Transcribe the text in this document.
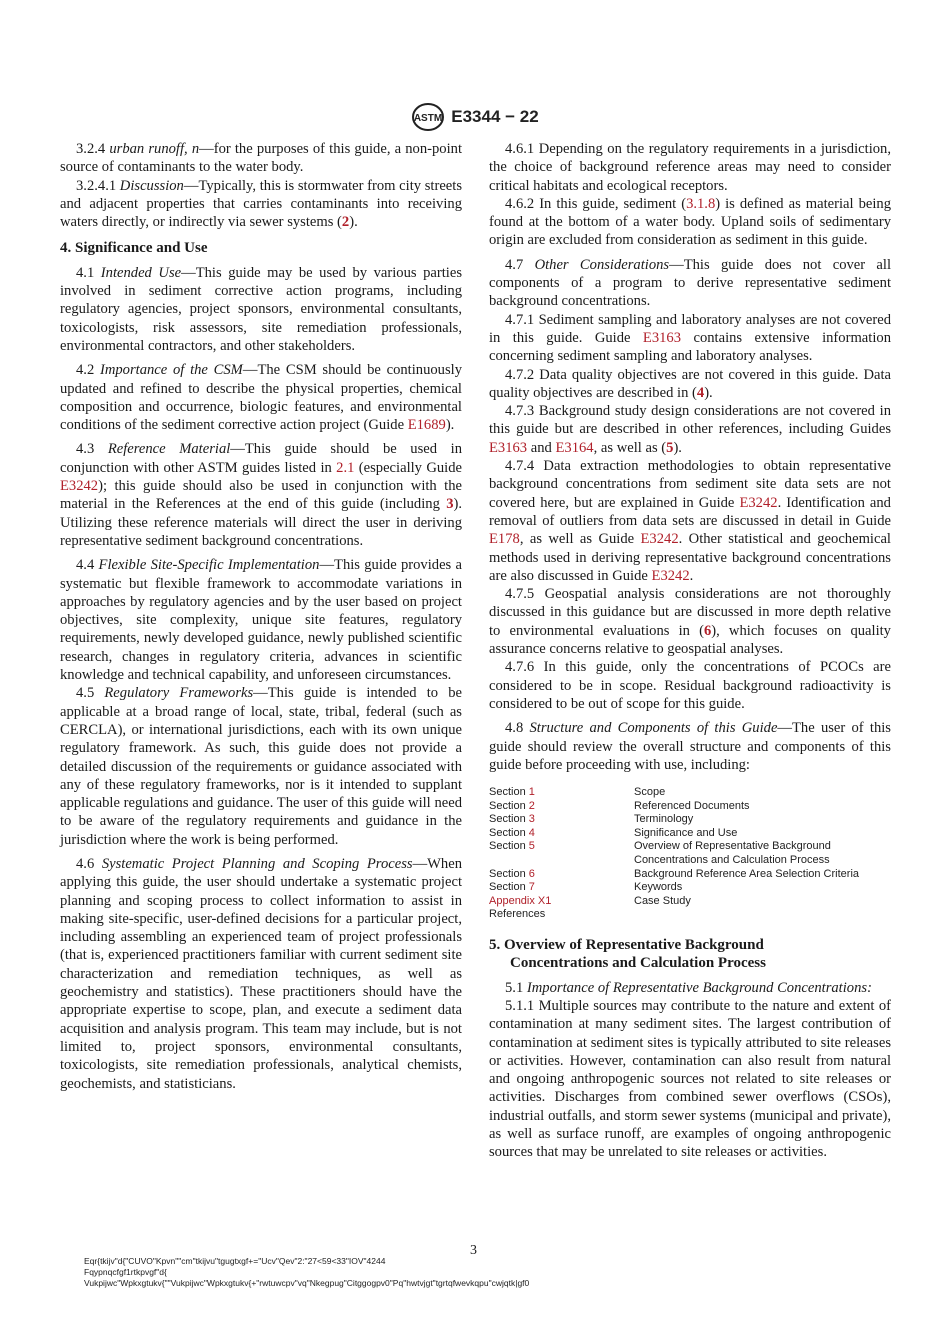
ASTM E3344 − 22

3.2.4 urban runoff, n—for the purposes of this guide, a non-point source of contaminants to the water body.

3.2.4.1 Discussion—Typically, this is stormwater from city streets and adjacent properties that carries contaminants into receiving waters directly, or indirectly via sewer systems (2).

4. Significance and Use

4.1 Intended Use—This guide may be used by various parties involved in sediment corrective action programs, including regulatory agencies, project sponsors, environmental consultants, toxicologists, risk assessors, site remediation professionals, environmental contractors, and other stakeholders.

4.2 Importance of the CSM—The CSM should be continuously updated and refined to describe the physical properties, chemical composition and occurrence, biologic features, and environmental conditions of the sediment corrective action project (Guide E1689).

4.3 Reference Material—This guide should be used in conjunction with other ASTM guides listed in 2.1 (especially Guide E3242); this guide should also be used in conjunction with the material in the References at the end of this guide (including 3). Utilizing these reference materials will direct the user in deriving representative sediment background concentrations.

4.4 Flexible Site-Specific Implementation—This guide provides a systematic but flexible framework to accommodate variations in approaches by regulatory agencies and by the user based on project objectives, site complexity, unique site features, regulatory requirements, newly developed guidance, newly published scientific research, changes in regulatory criteria, advances in scientific knowledge and technical capability, and unforeseen circumstances.

4.5 Regulatory Frameworks—This guide is intended to be applicable at a broad range of local, state, tribal, federal (such as CERCLA), or international jurisdictions, each with its own unique regulatory framework. As such, this guide does not provide a detailed discussion of the requirements or guidance associated with any of these regulatory frameworks, nor is it intended to supplant applicable regulations and guidance. The user of this guide will need to be aware of the regulatory requirements and guidance in the jurisdiction where the work is being performed.

4.6 Systematic Project Planning and Scoping Process—When applying this guide, the user should undertake a systematic project planning and scoping process to collect information to assist in making site-specific, user-defined decisions for a particular project, including assembling an experienced team of project professionals (that is, experienced practitioners familiar with current sediment site characterization and remediation techniques, as well as geochemistry and statistics). These practitioners should have the appropriate expertise to scope, plan, and execute a sediment data acquisition and analysis program. This team may include, but is not limited to, project sponsors, environmental consultants, toxicologists, site remediation professionals, analytical chemists, geochemists, and statisticians.

4.6.1 Depending on the regulatory requirements in a jurisdiction, the choice of background reference areas may need to consider critical habitats and ecological receptors.

4.6.2 In this guide, sediment (3.1.8) is defined as material being found at the bottom of a water body. Upland soils of sedimentary origin are excluded from consideration as sediment in this guide.

4.7 Other Considerations—This guide does not cover all components of a program to derive representative sediment background concentrations.

4.7.1 Sediment sampling and laboratory analyses are not covered in this guide. Guide E3163 contains extensive information concerning sediment sampling and laboratory analyses.

4.7.2 Data quality objectives are not covered in this guide. Data quality objectives are described in (4).

4.7.3 Background study design considerations are not covered in this guide but are described in other references, including Guides E3163 and E3164, as well as (5).

4.7.4 Data extraction methodologies to obtain representative background concentrations from sediment site data sets are not covered here, but are explained in Guide E3242. Identification and removal of outliers from data sets are discussed in detail in Guide E178, as well as Guide E3242. Other statistical and geochemical methods used in deriving representative background concentrations are also discussed in Guide E3242.

4.7.5 Geospatial analysis considerations are not thoroughly discussed in this guidance but are discussed in more depth relative to environmental evaluations in (6), which focuses on quality assurance concerns relative to geospatial analyses.

4.7.6 In this guide, only the concentrations of PCOCs are considered to be in scope. Residual background radioactivity is considered to be out of scope for this guide.

4.8 Structure and Components of this Guide—The user of this guide should review the overall structure and components of this guide before proceeding with use, including:

Section 1	Scope
Section 2	Referenced Documents
Section 3	Terminology
Section 4	Significance and Use
Section 5	Overview of Representative Background Concentrations and Calculation Process
Section 6	Background Reference Area Selection Criteria
Section 7	Keywords
Appendix X1	Case Study
References	
5. Overview of Representative Background
Concentrations and Calculation Process

5.1 Importance of Representative Background Concentrations:

5.1.1 Multiple sources may contribute to the nature and extent of contamination at many sediment sites. The largest contribution of contamination at sediment sites is typically attributed to site releases or activities. However, contamination can also result from natural and ongoing anthropogenic sources not related to site releases or activities. Discharges from combined sewer overflows (CSOs), industrial outfalls, and storm sewer systems (municipal and private), as well as surface runoff, are examples of ongoing anthropogenic sources that may be unrelated to site releases or activities.

3
Eqr{tkijv"d{"CUVO"Kpvn""cm"tkijvu"tgugtxgf+="Ucv"Qev"2:"27<59<33"IOV"4244
Fqypnqcfgf1rtkpvgf"d{
Vukpijwc"Wpkxgtukv{""Vukpijwc"Wpkxgtukv{+"rwtuwcpv"vq"Nkegpug"Citggogpv0"Pq"hwtvjgt"tgrtqfwevkqpu"cwjqtk|gf0
